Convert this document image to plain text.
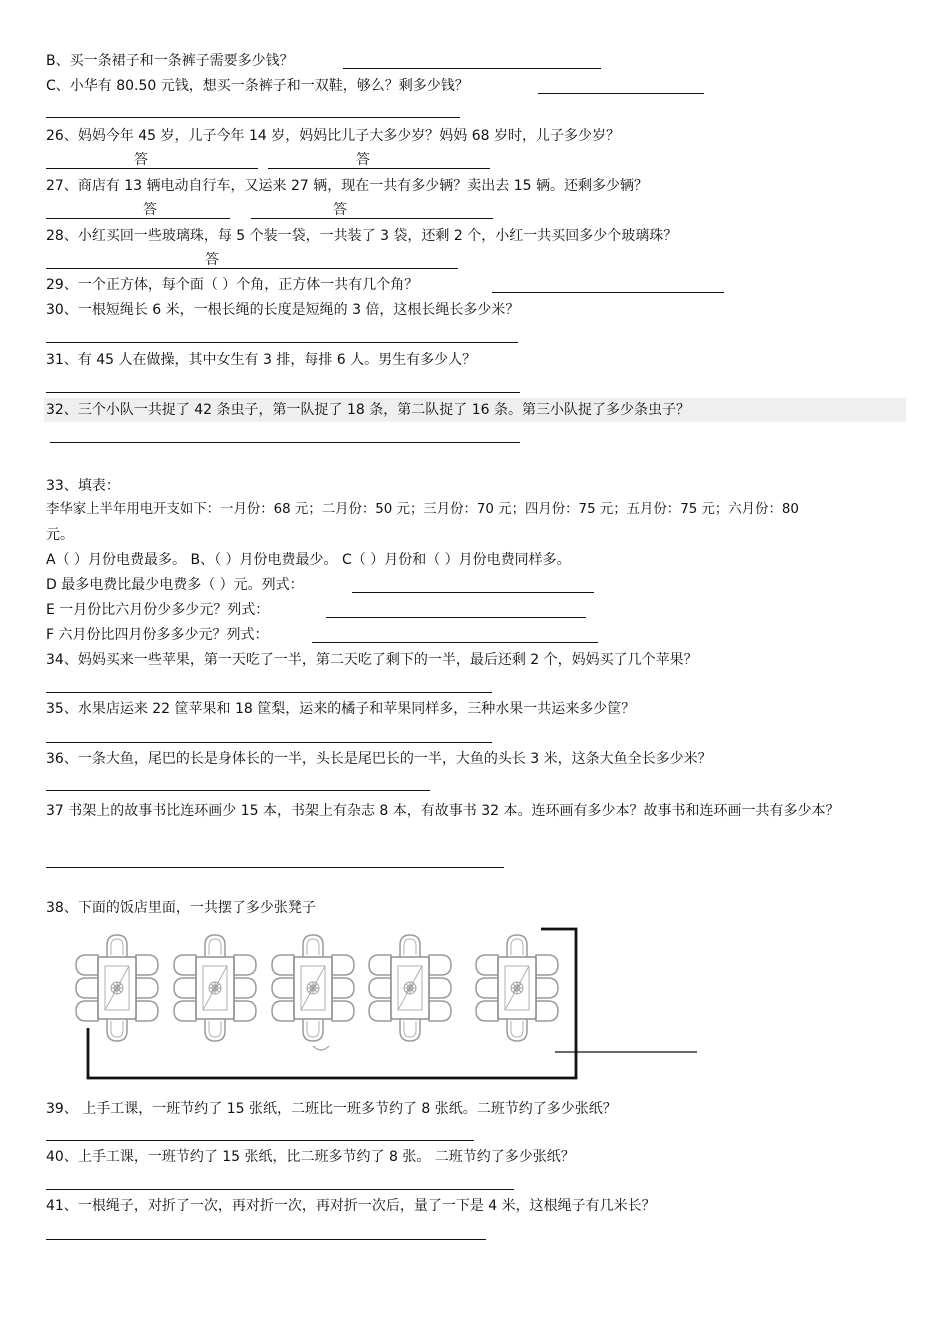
B、买一条裙子和一条裤子需要多少钱？
C、小华有 80.50 元钱，想买一条裤子和一双鞋，够么？剩多少钱？
26、妈妈今年 45 岁，儿子今年 14 岁，妈妈比儿子大多少岁？妈妈 68 岁时，儿子多少岁？
答	答
27、商店有 13 辆电动自行车，又运来 27 辆，现在一共有多少辆？卖出去 15 辆。还剩多少辆？
答	答
28、小红买回一些玻璃珠，每 5 个装一袋，一共装了 3 袋，还剩 2 个，小红一共买回多少个玻璃珠？
答
29、一个正方体，每个面（ ）个角，正方体一共有几个角？
30、一根短绳长 6 米，一根长绳的长度是短绳的 3 倍，这根长绳长多少米？
31、有 45 人在做操，其中女生有 3 排，每排 6 人。男生有多少人？
32、三个小队一共捉了 42 条虫子，第一队捉了 18 条，第二队捉了 16 条。第三小队捉了多少条虫子？
33、填表：
李华家上半年用电开支如下：一月份：68 元；二月份：50 元；三月份：70 元；四月份：75 元；五月份：75 元；六月份：80
元。
A（ ）月份电费最多。 B、（ ）月份电费最少。 C（ ）月份和（ ）月份电费同样多。
D 最多电费比最少电费多（ ）元。列式：
E 一月份比六月份少多少元？列式：
F 六月份比四月份多多少元？列式：
34、妈妈买来一些苹果，第一天吃了一半，第二天吃了剩下的一半，最后还剩 2 个，妈妈买了几个苹果？
35、水果店运来 22 筐苹果和 18 筐梨，运来的橘子和苹果同样多，三种水果一共运来多少筐？
36、一条大鱼，尾巴的长是身体长的一半，头长是尾巴长的一半，大鱼的头长 3 米，这条大鱼全长多少米？
37 书架上的故事书比连环画少 15 本，书架上有杂志 8 本，有故事书 32 本。连环画有多少本？故事书和连环画一共有多少本？
38、下面的饭店里面，一共摆了多少张凳子
39、 上手工课，一班节约了 15 张纸，二班比一班多节约了 8 张纸。二班节约了多少张纸？
40、上手工课，一班节约了 15 张纸，比二班多节约了 8 张。 二班节约了多少张纸？
41、一根绳子，对折了一次，再对折一次，再对折一次后，量了一下是 4 米，这根绳子有几米长？
